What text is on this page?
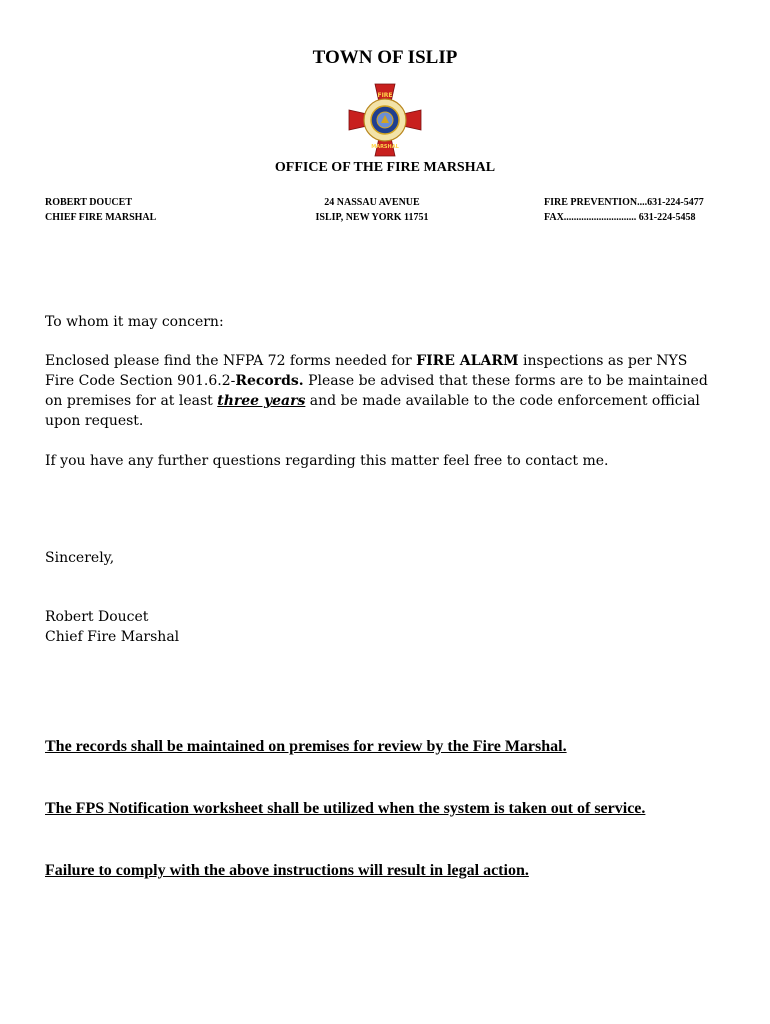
TOWN OF ISLIP
FIRE
MARSHAL
OFFICE OF THE FIRE MARSHAL
ROBERT DOUCET
CHIEF FIRE MARSHAL
24 NASSAU AVENUE
ISLIP, NEW YORK 11751
FIRE PREVENTION....631-224-5477
FAX............................. 631-224-5458
To whom it may concern:
Enclosed please find the NFPA 72 forms needed for FIRE ALARM inspections as per NYS Fire Code Section 901.6.2-Records. Please be advised that these forms are to be maintained on premises for at least three years and be made available to the code enforcement official upon request.
If you have any further questions regarding this matter feel free to contact me.
Sincerely,
Robert Doucet
Chief Fire Marshal
The records shall be maintained on premises for review by the Fire Marshal.
The FPS Notification worksheet shall be utilized when the system is taken out of service.
Failure to comply with the above instructions will result in legal action.
